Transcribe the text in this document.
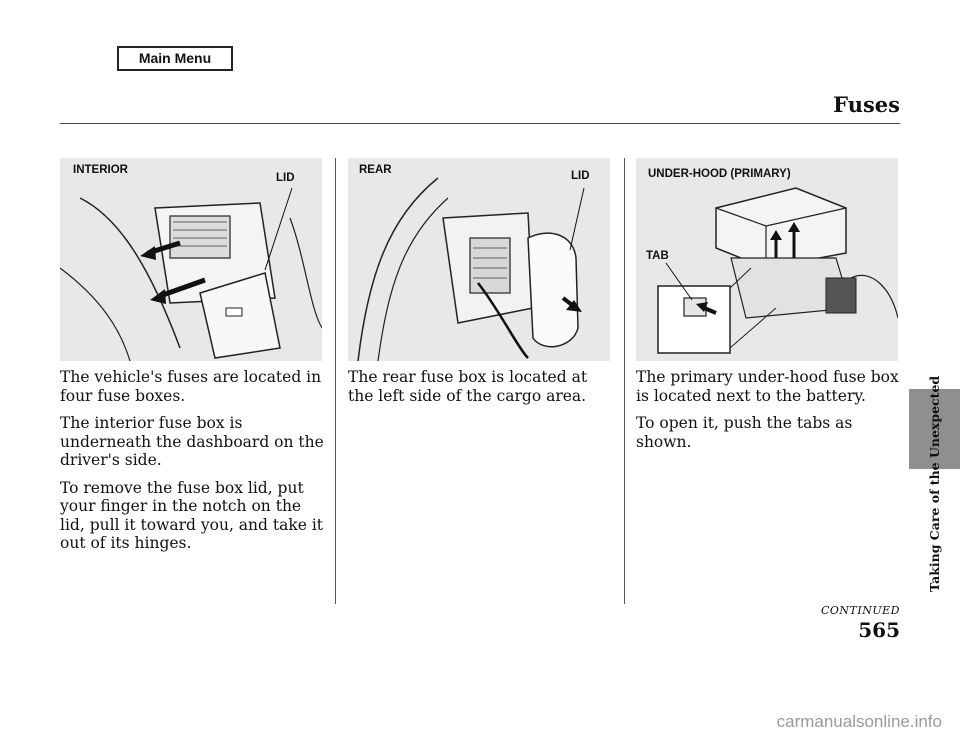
Main Menu
Fuses
Taking Care of the Unexpected
INTERIOR
LID
REAR	LID	UNDER-HOOD (PRIMARY)
TAB

The vehicle's fuses are located in four fuse boxes.

The interior fuse box is underneath the dashboard on the driver's side.

To remove the fuse box lid, put your finger in the notch on the lid, pull it toward you, and take it out of its hinges.

The rear fuse box is located at the left side of the cargo area.

The primary under-hood fuse box is located next to the battery.

To open it, push the tabs as shown.

CONTINUED
565
carmanualsonline.info
